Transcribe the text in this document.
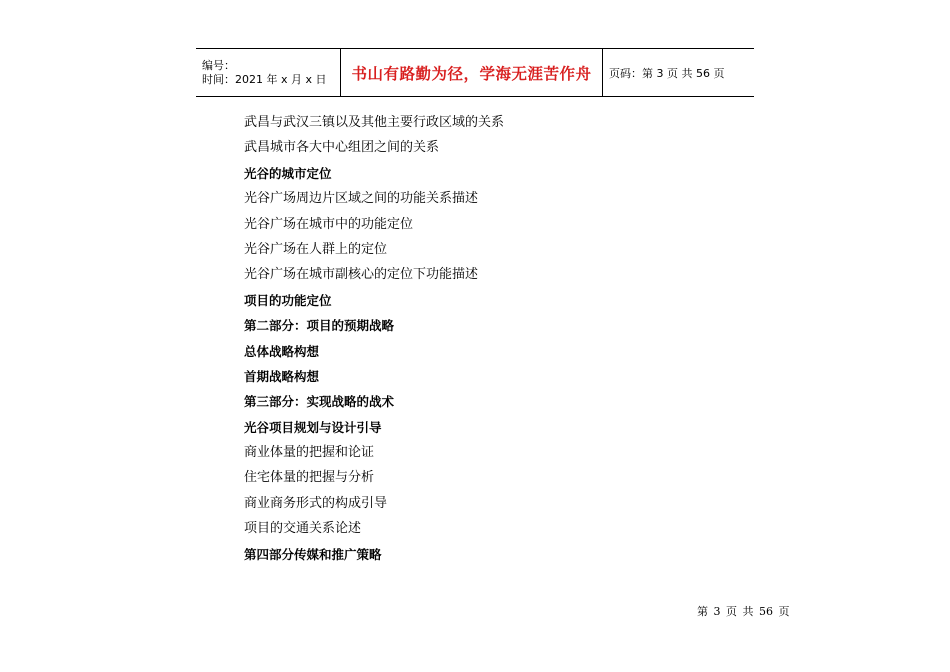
编号：
时间：2021 年 x 月 x 日	书山有路勤为径，学海无涯苦作舟 页码：第 3 页 共 56 页
武昌与武汉三镇以及其他主要行政区域的关系
武昌城市各大中心组团之间的关系
光谷的城市定位
光谷广场周边片区域之间的功能关系描述
光谷广场在城市中的功能定位
光谷广场在人群上的定位
光谷广场在城市副核心的定位下功能描述
项目的功能定位
第二部分：项目的预期战略
总体战略构想
首期战略构想
第三部分：实现战略的战术
光谷项目规划与设计引导
商业体量的把握和论证
住宅体量的把握与分析
商业商务形式的构成引导
项目的交通关系论述
第四部分传媒和推广策略
第 3 页 共 56 页
